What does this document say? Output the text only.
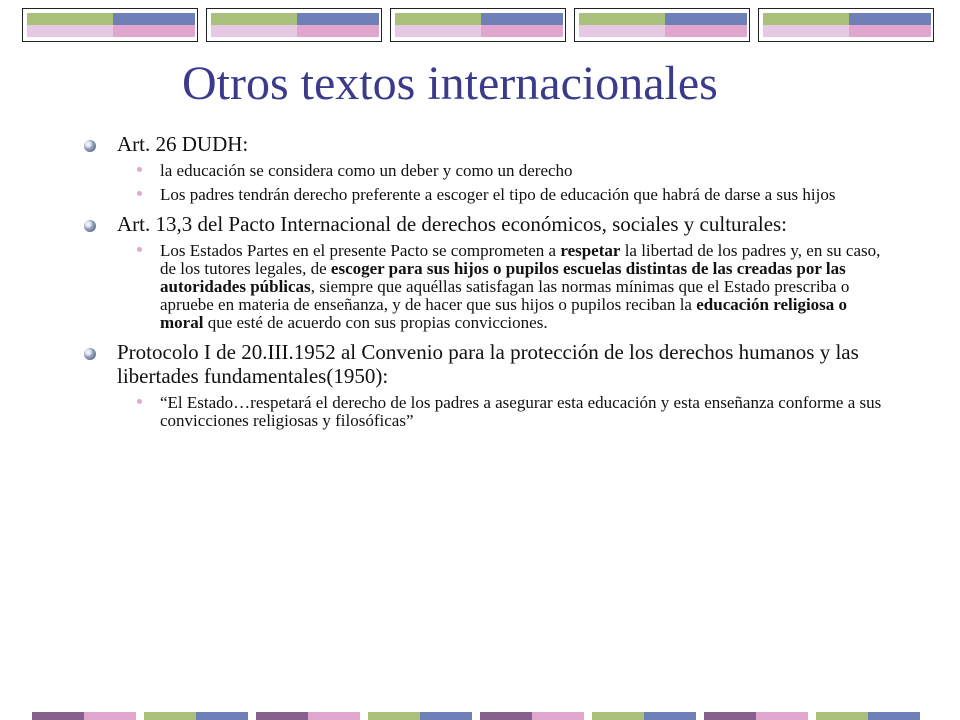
Otros textos internacionales
Art. 26 DUDH:
la educación se considera como un deber y como un derecho
Los padres tendrán derecho preferente a escoger el tipo de educación que habrá de darse a sus hijos
Art. 13,3 del Pacto Internacional de derechos económicos, sociales y culturales:
Los Estados Partes en el presente Pacto se comprometen a respetar la libertad de los padres y, en su caso, de los tutores legales, de escoger para sus hijos o pupilos escuelas distintas de las creadas por las autoridades públicas, siempre que aquéllas satisfagan las normas mínimas que el Estado prescriba o apruebe en materia de enseñanza, y de hacer que sus hijos o pupilos reciban la educación religiosa o moral que esté de acuerdo con sus propias convicciones.
Protocolo I de 20.III.1952 al Convenio para la protección de los derechos humanos y las libertades fundamentales(1950):
“El Estado…respetará el derecho de los padres a asegurar esta educación y esta enseñanza conforme a sus convicciones religiosas y filosóficas”
